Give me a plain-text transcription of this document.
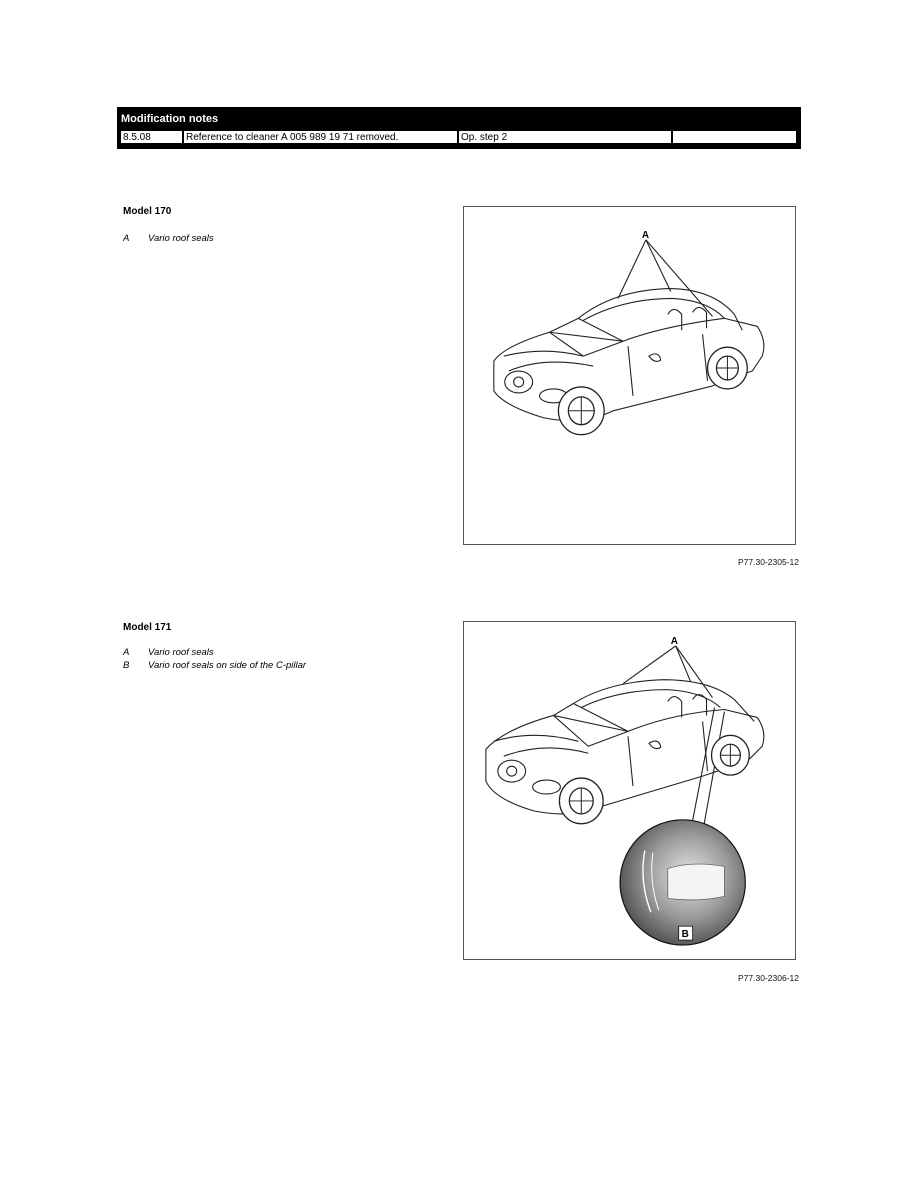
Modification notes
8.5.08	Reference to cleaner A 005 989 19 71 removed.	Op. step 2
Model 170
A	Vario roof seals	A
P77.30-2305-12
Model 171
A	Vario roof seals
B	Vario roof seals on side of the C-pillar
B
A
P77.30-2306-12
